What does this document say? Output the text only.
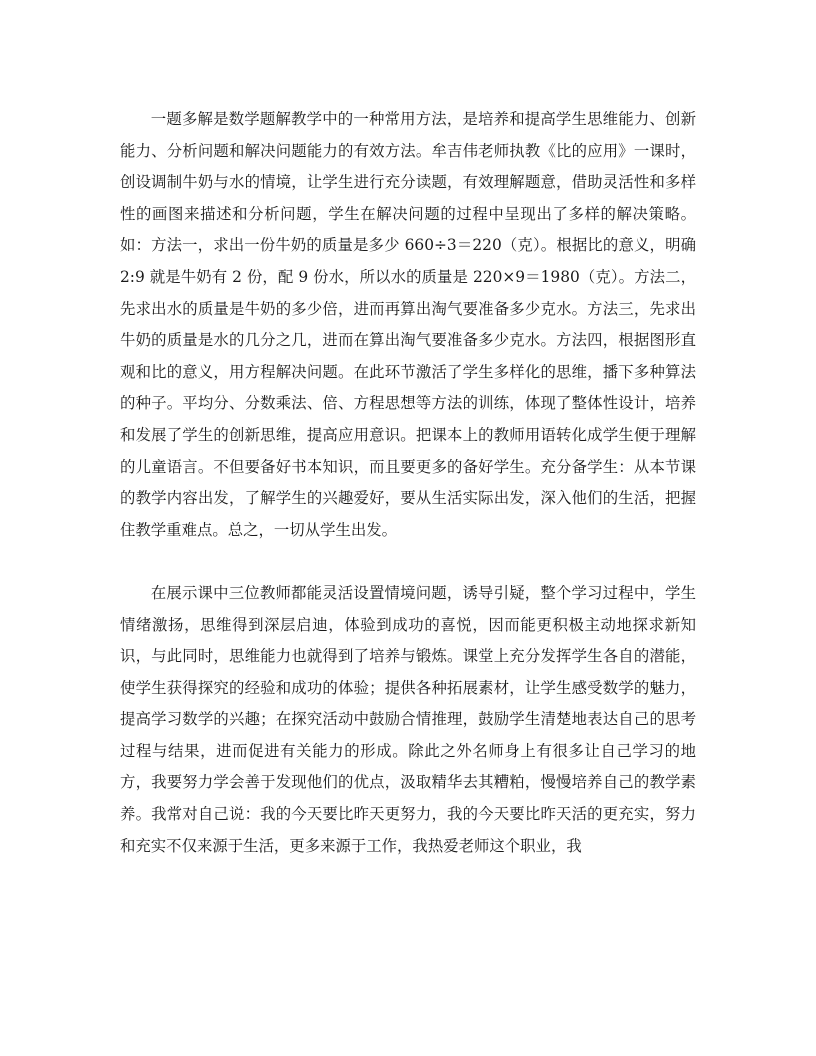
一题多解是数学题解教学中的一种常用方法，是培养和提高学生思维能力、创新能力、分析问题和解决问题能力的有效方法。牟吉伟老师执教《比的应用》一课时，创设调制牛奶与水的情境，让学生进行充分读题，有效理解题意，借助灵活性和多样性的画图来描述和分析问题，学生在解决问题的过程中呈现出了多样的解决策略。如：方法一，求出一份牛奶的质量是多少 660÷3＝220（克）。根据比的意义，明确 2:9 就是牛奶有 2 份，配 9 份水，所以水的质量是 220×9＝1980（克）。方法二，先求出水的质量是牛奶的多少倍，进而再算出淘气要准备多少克水。方法三，先求出牛奶的质量是水的几分之几，进而在算出淘气要准备多少克水。方法四，根据图形直观和比的意义，用方程解决问题。在此环节激活了学生多样化的思维，播下多种算法的种子。平均分、分数乘法、倍、方程思想等方法的训练，体现了整体性设计，培养和发展了学生的创新思维，提高应用意识。把课本上的教师用语转化成学生便于理解的儿童语言。不但要备好书本知识，而且要更多的备好学生。充分备学生：从本节课的教学内容出发，了解学生的兴趣爱好，要从生活实际出发，深入他们的生活，把握住教学重难点。总之，一切从学生出发。

在展示课中三位教师都能灵活设置情境问题，诱导引疑，整个学习过程中，学生情绪激扬，思维得到深层启迪，体验到成功的喜悦，因而能更积极主动地探求新知识，与此同时，思维能力也就得到了培养与锻炼。课堂上充分发挥学生各自的潜能，使学生获得探究的经验和成功的体验；提供各种拓展素材，让学生感受数学的魅力，提高学习数学的兴趣；在探究活动中鼓励合情推理，鼓励学生清楚地表达自己的思考过程与结果，进而促进有关能力的形成。除此之外名师身上有很多让自己学习的地方，我要努力学会善于发现他们的优点，汲取精华去其糟粕，慢慢培养自己的教学素养。我常对自己说：我的今天要比昨天更努力，我的今天要比昨天活的更充实，努力和充实不仅来源于生活，更多来源于工作，我热爱老师这个职业，我
